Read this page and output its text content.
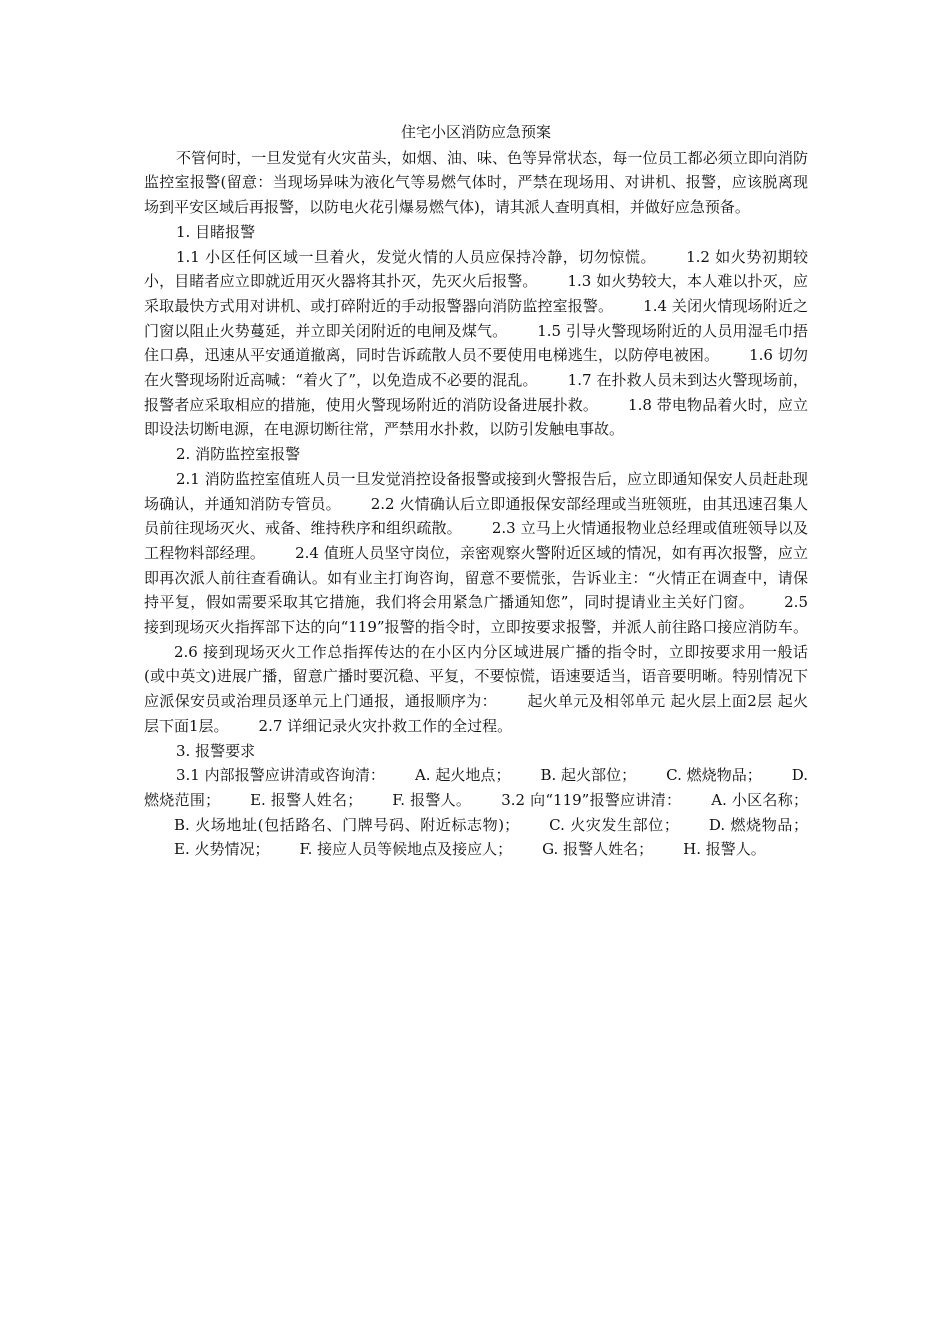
住宅小区消防应急预案

不管何时，一旦发觉有火灾苗头，如烟、油、味、色等异常状态，每一位员工都必须立即向消防监控室报警(留意：当现场异味为液化气等易燃气体时，严禁在现场用、对讲机、报警，应该脱离现场到平安区域后再报警，以防电火花引爆易燃气体)，请其派人查明真相，并做好应急预备。

1. 目睹报警

1.1 小区任何区域一旦着火，发觉火情的人员应保持冷静，切勿惊慌。 1.2 如火势初期较小，目睹者应立即就近用灭火器将其扑灭，先灭火后报警。 1.3 如火势较大，本人难以扑灭，应采取最快方式用对讲机、或打碎附近的手动报警器向消防监控室报警。 1.4 关闭火情现场附近之门窗以阻止火势蔓延，并立即关闭附近的电闸及煤气。 1.5 引导火警现场附近的人员用湿毛巾捂住口鼻，迅速从平安通道撤离，同时告诉疏散人员不要使用电梯逃生，以防停电被困。 1.6 切勿在火警现场附近高喊：“着火了”，以免造成不必要的混乱。 1.7 在扑救人员未到达火警现场前，报警者应采取相应的措施，使用火警现场附近的消防设备进展扑救。 1.8 带电物品着火时，应立即设法切断电源，在电源切断往常，严禁用水扑救，以防引发触电事故。

2. 消防监控室报警

2.1 消防监控室值班人员一旦发觉消控设备报警或接到火警报告后，应立即通知保安人员赶赴现场确认，并通知消防专管员。 2.2 火情确认后立即通报保安部经理或当班领班，由其迅速召集人员前往现场灭火、戒备、维持秩序和组织疏散。 2.3 立马上火情通报物业总经理或值班领导以及工程物料部经理。 2.4 值班人员坚守岗位，亲密观察火警附近区域的情况，如有再次报警，应立即再次派人前往查看确认。如有业主打询咨询，留意不要慌张，告诉业主：“火情正在调查中，请保持平复，假如需要采取其它措施，我们将会用紧急广播通知您”，同时提请业主关好门窗。 2.5 接到现场灭火指挥部下达的向“119”报警的指令时，立即按要求报警，并派人前往路口接应消防车。2.6 接到现场灭火工作总指挥传达的在小区内分区域进展广播的指令时，立即按要求用一般话(或中英文)进展广播，留意广播时要沉稳、平复，不要惊慌，语速要适当，语音要明晰。特别情况下应派保安员或治理员逐单元上门通报，通报顺序为： 起火单元及相邻单元 起火层上面2层 起火层下面1层。 2.7 详细记录火灾扑救工作的全过程。

3. 报警要求

3.1 内部报警应讲清或咨询清： A. 起火地点； B. 起火部位； C. 燃烧物品； D. 燃烧范围； E. 报警人姓名； F. 报警人。 3.2 向“119”报警应讲清： A. 小区名称；B. 火场地址(包括路名、门牌号码、附近标志物)； C. 火灾发生部位； D. 燃烧物品；E. 火势情况； F. 接应人员等候地点及接应人； G. 报警人姓名； H. 报警人。
